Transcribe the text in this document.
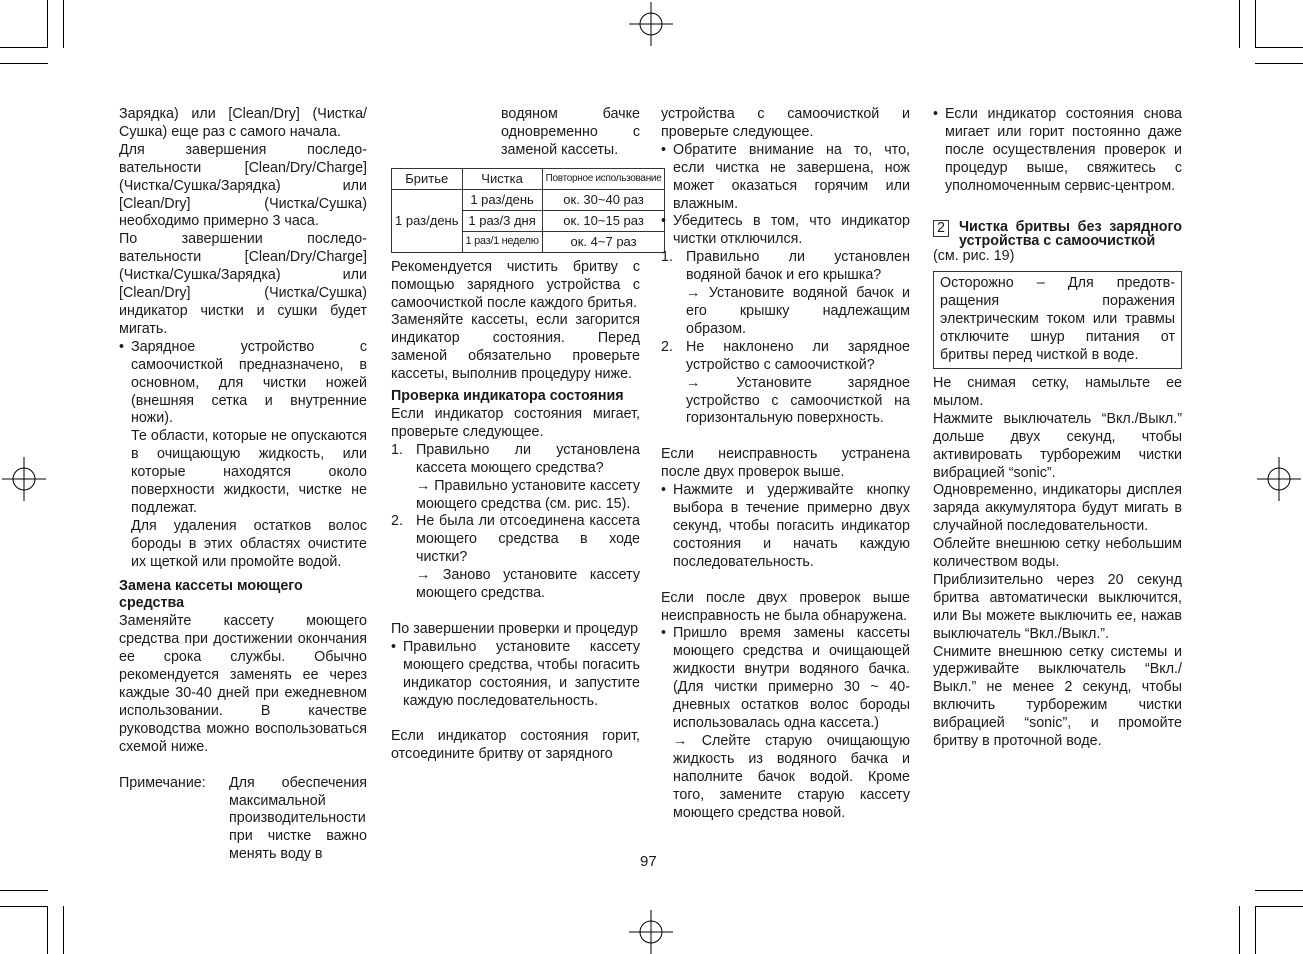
Зарядка) или [Clean/Dry] (Чистка/ Сушка) еще раз с самого начала.

Для завершения последо-вательности [Clean/Dry/Charge] (Чистка/Сушка/Зарядка) или [Clean/Dry] (Чистка/Сушка) необходимо примерно 3 часа.

По завершении последо-вательности [Clean/Dry/Charge] (Чистка/Сушка/Зарядка) или [Clean/Dry] (Чистка/Сушка) индикатор чистки и сушки будет мигать.

• Зарядное устройство с самоочисткой предназначено, в основном, для чистки ножей (внешняя сетка и внутренние ножи).

Те области, которые не опускаются в очищающую жидкость, или которые находятся около поверхности жидкости, чистке не подлежат.

Для удаления остатков волос бороды в этих областях очистите их щеткой или промойте водой.

Замена кассеты моющего средства

Заменяйте кассету моющего средства при достижении окончания ее срока службы. Обычно рекомендуется заменять ее через каждые 30-40 дней при ежедневном использовании. В качестве руководства можно воспользоваться схемой ниже.

Примечание:	Для обеспечения максимальной производительности при чистке важно менять воду в

водяном бачке одновременно с заменой кассеты.

Бритье	Чистка	Повторное использование
1 раз/день	1 раз/день	ок. 30~40 раз
	1 раз/3 дня	ок. 10~15 раз
	1 раз/1 неделю	ок. 4~7 раз

Рекомендуется чистить бритву с помощью зарядного устройства с самоочисткой после каждого бритья.

Заменяйте кассеты, если загорится индикатор состояния. Перед заменой обязательно проверьте кассеты, выполнив процедуру ниже.

Проверка индикатора состояния

Если индикатор состояния мигает, проверьте следующее.

1. Правильно ли установлена кассета моющего средства?

→ Правильно установите кассету моющего средства (см. рис. 15).

2. Не была ли отсоединена кассета моющего средства в ходе чистки?

→ Заново установите кассету моющего средства.

По завершении проверки и процедур

• Правильно установите кассету моющего средства, чтобы погасить индикатор состояния, и запустите каждую последовательность.

Если индикатор состояния горит, отсоедините бритву от зарядного

устройства с самоочисткой и проверьте следующее.

• Обратите внимание на то, что, если чистка не завершена, нож может оказаться горячим или влажным.
• Убедитесь в том, что индикатор чистки отключился.
1. Правильно ли установлен водяной бачок и его крышка?

→ Установите водяной бачок и его крышку надлежащим образом.

2. Не наклонено ли зарядное устройство с самоочисткой?

→ Установите зарядное устройство с самоочисткой на горизонтальную поверхность.

Если неисправность устранена после двух проверок выше.

• Нажмите и удерживайте кнопку выбора в течение примерно двух секунд, чтобы погасить индикатор состояния и начать каждую последовательность.

Если после двух проверок выше неисправность не была обнаружена.

• Пришло время замены кассеты моющего средства и очищающей жидкости внутри водяного бачка. (Для чистки примерно 30 ~ 40-дневных остатков волос бороды использовалась одна кассета.)

→ Слейте старую очищающую жидкость из водяного бачка и наполните бачок водой. Кроме того, замените старую кассету моющего средства новой.

• Если индикатор состояния снова мигает или горит постоянно даже после осуществления проверок и процедур выше, свяжитесь с уполномоченным сервис-центром.
2 Чистка бритвы без зарядного устройства с самоочисткой

(см. рис. 19)

Осторожно – Для предотв-ращения поражения электрическим током или травмы отключите шнур питания от бритвы перед чисткой в воде.

Не снимая сетку, намыльте ее мылом.

Нажмите выключатель “Вкл./Выкл.” дольше двух секунд, чтобы активировать турборежим чистки вибрацией “sonic”.

Одновременно, индикаторы дисплея заряда аккумулятора будут мигать в случайной последовательности.

Облейте внешнюю сетку небольшим количеством воды.

Приблизительно через 20 секунд бритва автоматически выключится, или Вы можете выключить ее, нажав выключатель “Вкл./Выкл.”.

Снимите внешнюю сетку системы и удерживайте выключатель “Вкл./Выкл.” не менее 2 секунд, чтобы включить турборежим чистки вибрацией “sonic”, и промойте бритву в проточной воде.

97
